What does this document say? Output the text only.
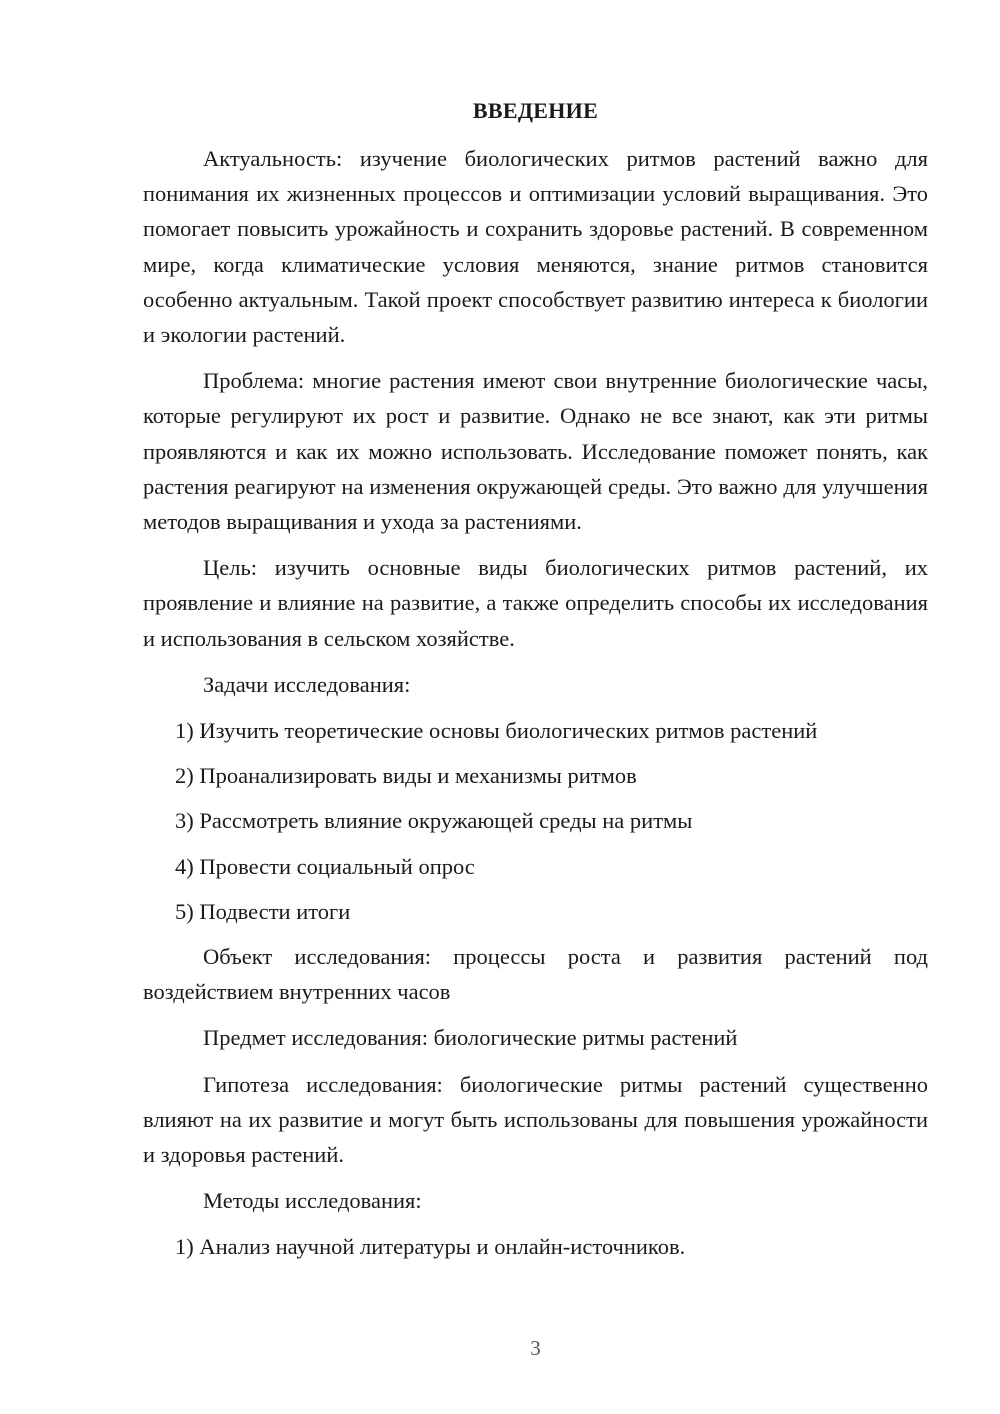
ВВЕДЕНИЕ

Актуальность: изучение биологических ритмов растений важно для понимания их жизненных процессов и оптимизации условий выращивания. Это помогает повысить урожайность и сохранить здоровье растений. В современном мире, когда климатические условия меняются, знание ритмов становится особенно актуальным. Такой проект способствует развитию интереса к биологии и экологии растений.

Проблема: многие растения имеют свои внутренние биологические часы, которые регулируют их рост и развитие. Однако не все знают, как эти ритмы проявляются и как их можно использовать. Исследование поможет понять, как растения реагируют на изменения окружающей среды. Это важно для улучшения методов выращивания и ухода за растениями.

Цель: изучить основные виды биологических ритмов растений, их проявление и влияние на развитие, а также определить способы их исследования и использования в сельском хозяйстве.

Задачи исследования:

1) Изучить теоретические основы биологических ритмов растений
2) Проанализировать виды и механизмы ритмов
3) Рассмотреть влияние окружающей среды на ритмы
4) Провести социальный опрос
5) Подвести итоги

Объект исследования: процессы роста и развития растений под воздействием внутренних часов

Предмет исследования: биологические ритмы растений

Гипотеза исследования: биологические ритмы растений существенно влияют на их развитие и могут быть использованы для повышения урожайности и здоровья растений.

Методы исследования:

1) Анализ научной литературы и онлайн-источников.
3
